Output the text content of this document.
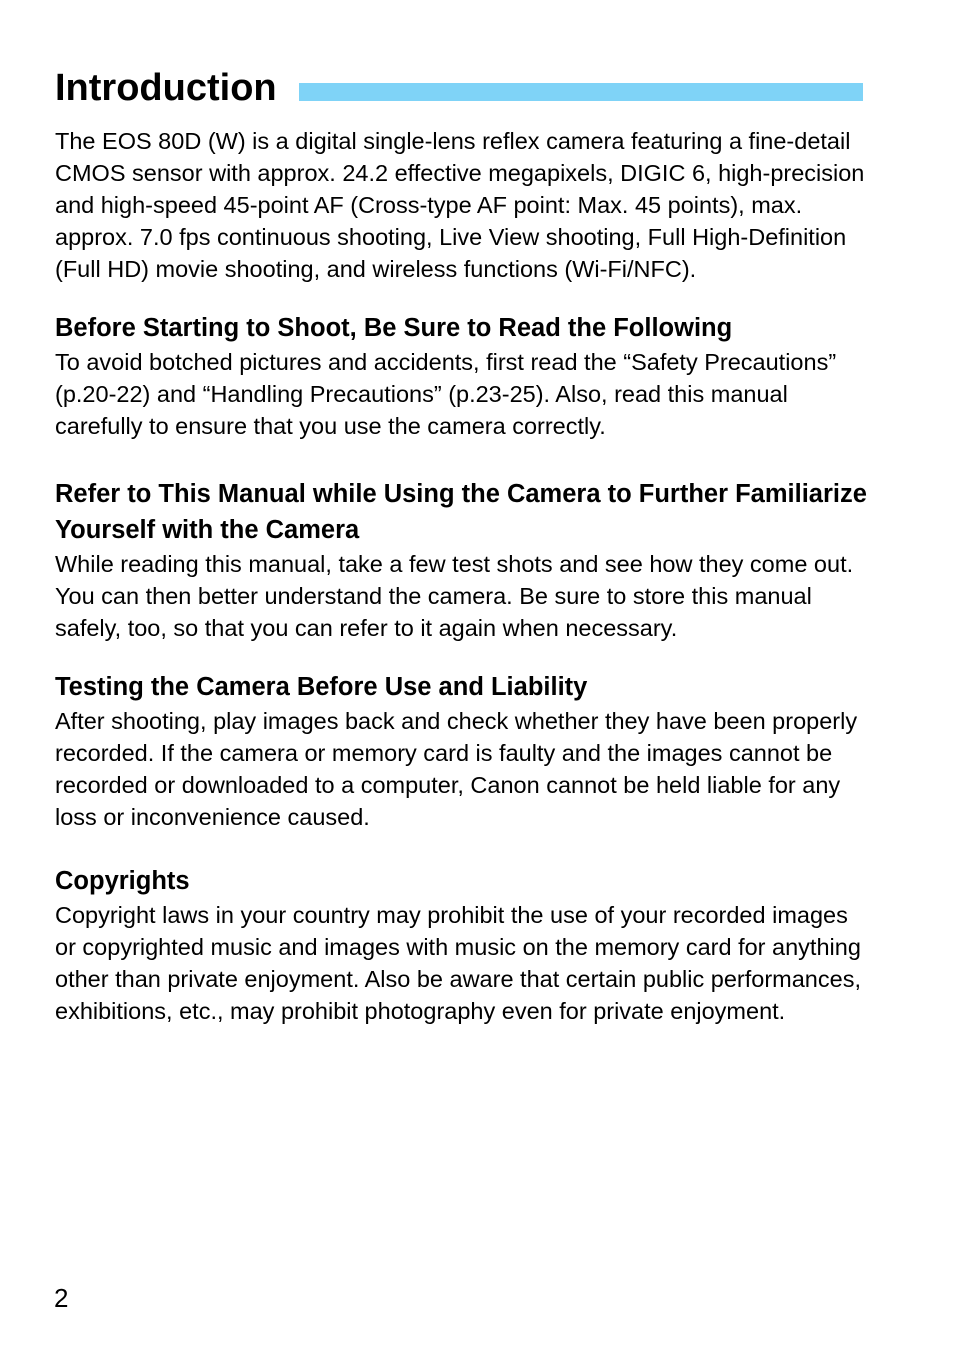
Introduction

The EOS 80D (W) is a digital single-lens reflex camera featuring a fine-detail CMOS sensor with approx. 24.2 effective megapixels, DIGIC 6, high-precision and high-speed 45-point AF (Cross-type AF point: Max. 45 points), max. approx. 7.0 fps continuous shooting, Live View shooting, Full High-Definition (Full HD) movie shooting, and wireless functions (Wi-Fi/NFC).

Before Starting to Shoot, Be Sure to Read the Following

To avoid botched pictures and accidents, first read the “Safety Precautions” (p.20-22) and “Handling Precautions” (p.23-25). Also, read this manual carefully to ensure that you use the camera correctly.

Refer to This Manual while Using the Camera to Further Familiarize Yourself with the Camera

While reading this manual, take a few test shots and see how they come out. You can then better understand the camera. Be sure to store this manual safely, too, so that you can refer to it again when necessary.

Testing the Camera Before Use and Liability

After shooting, play images back and check whether they have been properly recorded. If the camera or memory card is faulty and the images cannot be recorded or downloaded to a computer, Canon cannot be held liable for any loss or inconvenience caused.

Copyrights

Copyright laws in your country may prohibit the use of your recorded images or copyrighted music and images with music on the memory card for anything other than private enjoyment. Also be aware that certain public performances, exhibitions, etc., may prohibit photography even for private enjoyment.

2
